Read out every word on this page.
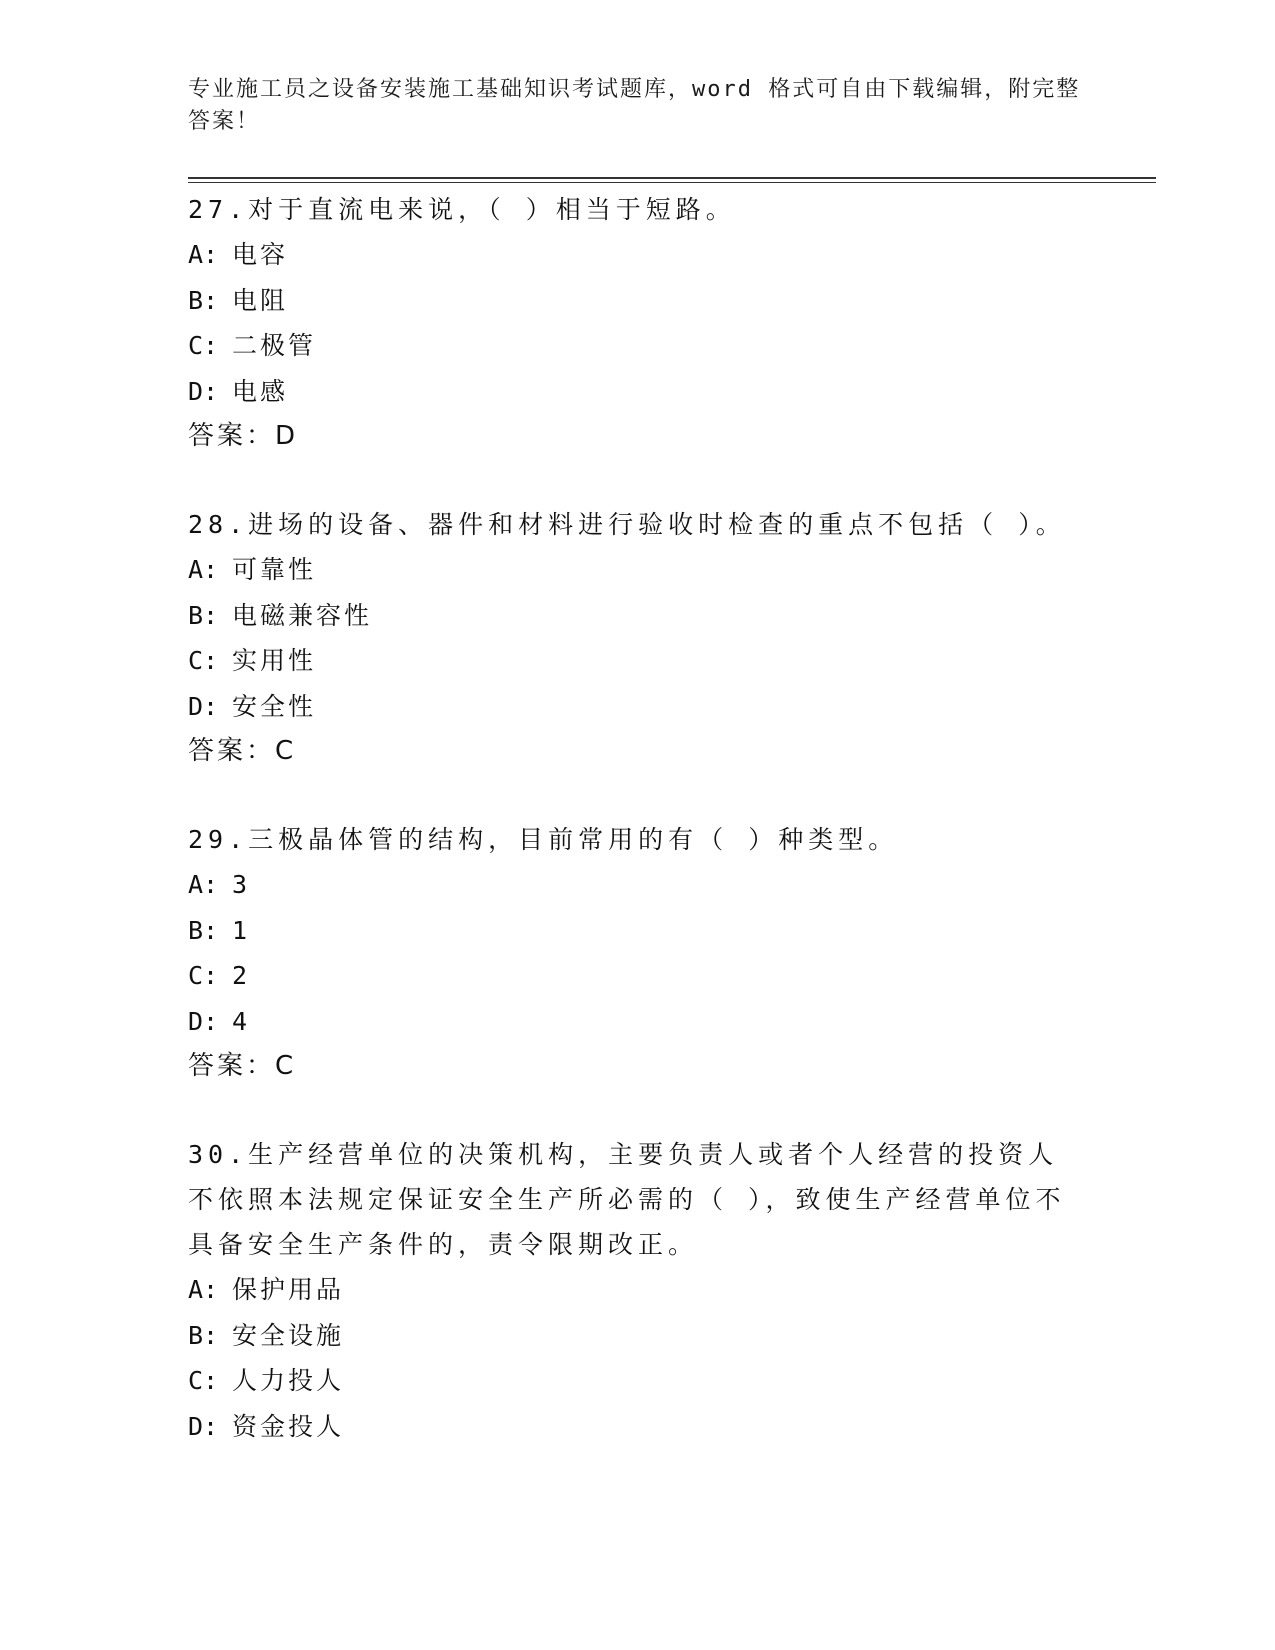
专业施工员之设备安装施工基础知识考试题库，word 格式可自由下载编辑，附完整答案！
27.对于直流电来说，（ ）相当于短路。
A: 电容
B: 电阻
C: 二极管
D: 电感
答案：D
28.进场的设备、器件和材料进行验收时检查的重点不包括（ ）。
A: 可靠性
B: 电磁兼容性
C: 实用性
D: 安全性
答案：C
29.三极晶体管的结构，目前常用的有（ ）种类型。
A: 3
B: 1
C: 2
D: 4
答案：C
30.生产经营单位的决策机构，主要负责人或者个人经营的投资人不依照本法规定保证安全生产所必需的（ ），致使生产经营单位不具备安全生产条件的，责令限期改正。
A: 保护用品
B: 安全设施
C: 人力投人
D: 资金投人
